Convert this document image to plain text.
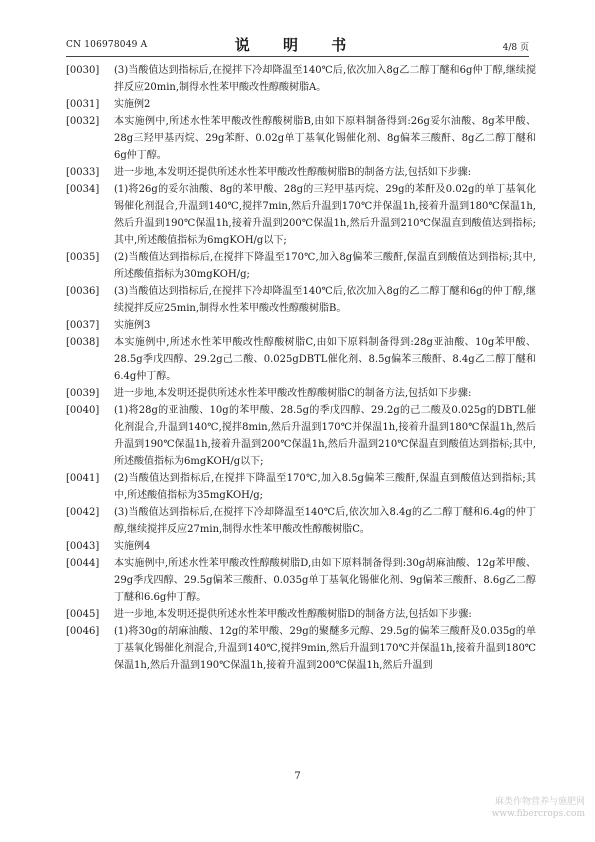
CN 106978049 A	说 明 书	4/8 页
[0030]	(3)当酸值达到指标后,在搅拌下冷却降温至140℃后,依次加入8g乙二醇丁醚和6g仲丁醇,继续搅拌反应20min,制得水性苯甲酸改性醇酸树脂A。
[0031]	实施例2
[0032]	本实施例中,所述水性苯甲酸改性醇酸树脂B,由如下原料制备得到:26g妥尔油酸、8g苯甲酸、28g三羟甲基丙烷、29g苯酐、0.02g单丁基氧化锡催化剂、8g偏苯三酸酐、8g乙二醇丁醚和6g仲丁醇。
[0033]	进一步地,本发明还提供所述水性苯甲酸改性醇酸树脂B的制备方法,包括如下步骤:
[0034]	(1)将26g的妥尔油酸、8g的苯甲酸、28g的三羟甲基丙烷、29g的苯酐及0.02g的单丁基氧化锡催化剂混合,升温到140℃,搅拌7min,然后升温到170℃并保温1h,接着升温到180℃保温1h,然后升温到190℃保温1h,接着升温到200℃保温1h,然后升温到210℃保温直到酸值达到指标;其中,所述酸值指标为6mgKOH/g以下;
[0035]	(2)当酸值达到指标后,在搅拌下降温至170℃,加入8g偏苯三酸酐,保温直到酸值达到指标;其中,所述酸值指标为30mgKOH/g;
[0036]	(3)当酸值达到指标后,在搅拌下冷却降温至140℃后,依次加入8g的乙二醇丁醚和6g的仲丁醇,继续搅拌反应25min,制得水性苯甲酸改性醇酸树脂B。
[0037]	实施例3
[0038]	本实施例中,所述水性苯甲酸改性醇酸树脂C,由如下原料制备得到:28g亚油酸、10g苯甲酸、28.5g季戊四醇、29.2g己二酸、0.025gDBTL催化剂、8.5g偏苯三酸酐、8.4g乙二醇丁醚和6.4g仲丁醇。
[0039]	进一步地,本发明还提供所述水性苯甲酸改性醇酸树脂C的制备方法,包括如下步骤:
[0040]	(1)将28g的亚油酸、10g的苯甲酸、28.5g的季戊四醇、29.2g的己二酸及0.025g的DBTL催化剂混合,升温到140℃,搅拌8min,然后升温到170℃并保温1h,接着升温到180℃保温1h,然后升温到190℃保温1h,接着升温到200℃保温1h,然后升温到210℃保温直到酸值达到指标;其中,所述酸值指标为6mgKOH/g以下;
[0041]	(2)当酸值达到指标后,在搅拌下降温至170℃,加入8.5g偏苯三酸酐,保温直到酸值达到指标;其中,所述酸值指标为35mgKOH/g;
[0042]	(3)当酸值达到指标后,在搅拌下冷却降温至140℃后,依次加入8.4g的乙二醇丁醚和6.4g的仲丁醇,继续搅拌反应27min,制得水性苯甲酸改性醇酸树脂C。
[0043]	实施例4
[0044]	本实施例中,所述水性苯甲酸改性醇酸树脂D,由如下原料制备得到:30g胡麻油酸、12g苯甲酸、29g季戊四醇、29.5g偏苯三酸酐、0.035g单丁基氧化锡催化剂、9g偏苯三酸酐、8.6g乙二醇丁醚和6.6g仲丁醇。
[0045]	进一步地,本发明还提供所述水性苯甲酸改性醇酸树脂D的制备方法,包括如下步骤:
[0046]	(1)将30g的胡麻油酸、12g的苯甲酸、29g的聚醚多元醇、29.5g的偏苯三酸酐及0.035g的单丁基氧化锡催化剂混合,升温到140℃,搅拌9min,然后升温到170℃并保温1h,接着升温到180℃保温1h,然后升温到190℃保温1h,接着升温到200℃保温1h,然后升温到
7
麻类作物营养与施肥网
www.fibercrops.com
